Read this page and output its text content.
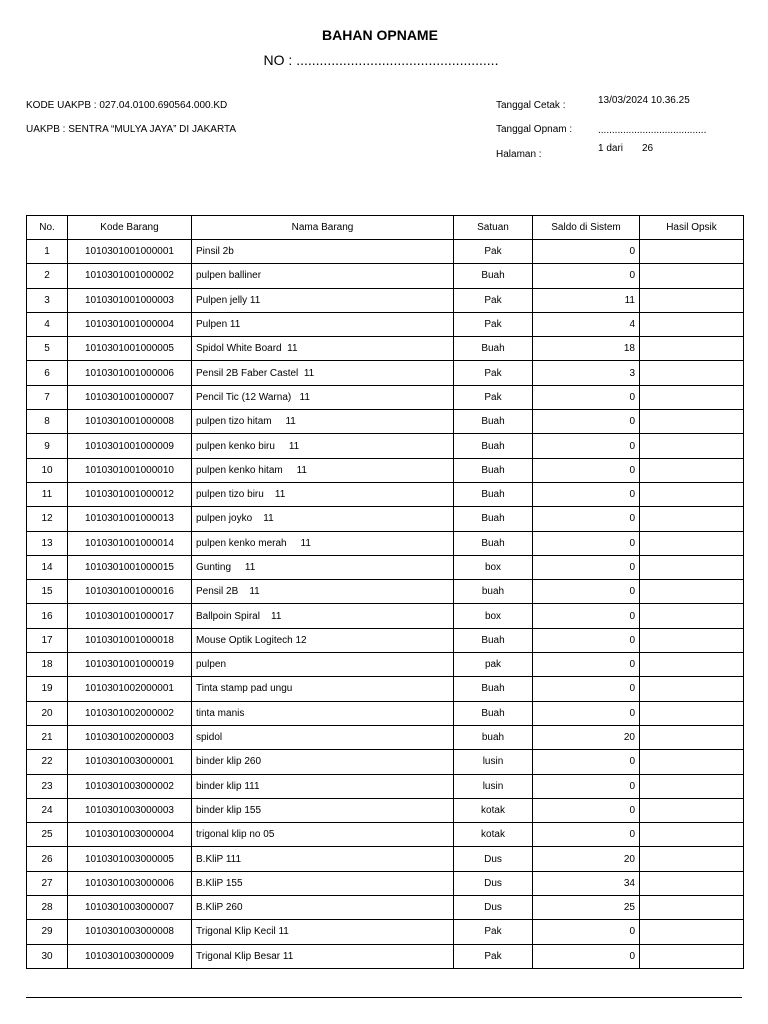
BAHAN OPNAME
NO : ....................................................
KODE UAKPB : 027.04.0100.690564.000.KD
UAKPB : SENTRA “MULYA JAYA” DI JAKARTA
Tanggal Cetak :	13/03/2024 10.36.25
Tanggal Opnam :	.......................................
Halaman :
1 dari 26
No.	Kode Barang	Nama Barang	Satuan	Saldo di Sistem	Hasil Opsik
1	1010301001000001	Pinsil 2b	Pak	0	
2	1010301001000002	pulpen balliner	Buah	0	
3	1010301001000003	Pulpen jelly 11	Pak	11	
4	1010301001000004	Pulpen 11	Pak	4	
5	1010301001000005	Spidol White Board  11	Buah	18	
6	1010301001000006	Pensil 2B Faber Castel  11	Pak	3	
7	1010301001000007	Pencil Tic (12 Warna)   11	Pak	0	
8	1010301001000008	pulpen tizo hitam     11	Buah	0	
9	1010301001000009	pulpen kenko biru     11	Buah	0	
10	1010301001000010	pulpen kenko hitam     11	Buah	0	
11	1010301001000012	pulpen tizo biru    11	Buah	0	
12	1010301001000013	pulpen joyko    11	Buah	0	
13	1010301001000014	pulpen kenko merah     11	Buah	0	
14	1010301001000015	Gunting     11	box	0	
15	1010301001000016	Pensil 2B    11	buah	0	
16	1010301001000017	Ballpoin Spiral    11	box	0	
17	1010301001000018	Mouse Optik Logitech 12	Buah	0	
18	1010301001000019	pulpen	pak	0	
19	1010301002000001	Tinta stamp pad ungu	Buah	0	
20	1010301002000002	tinta manis	Buah	0	
21	1010301002000003	spidol	buah	20	
22	1010301003000001	binder klip 260	lusin	0	
23	1010301003000002	binder klip 111	lusin	0	
24	1010301003000003	binder klip 155	kotak	0	
25	1010301003000004	trigonal klip no 05	kotak	0	
26	1010301003000005	B.KliP 111	Dus	20	
27	1010301003000006	B.KliP 155	Dus	34	
28	1010301003000007	B.KliP 260	Dus	25	
29	1010301003000008	Trigonal Klip Kecil 11	Pak	0	
30	1010301003000009	Trigonal Klip Besar 11	Pak	0	
